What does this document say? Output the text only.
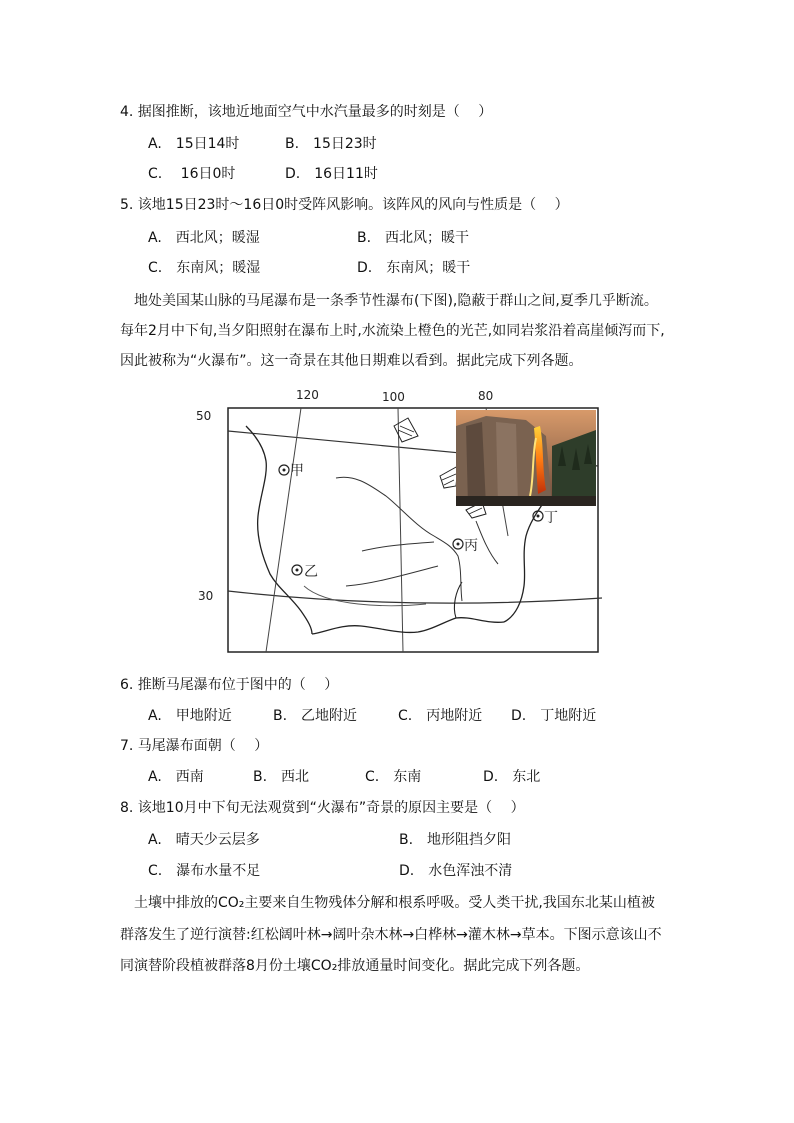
4. 据图推断，该地近地面空气中水汽量最多的时刻是（　 ）
A.　15日14时	B.　15日23时
C.　 16日0时	D.　16日11时
5. 该地15日23时～16日0时受阵风影响。该阵风的风向与性质是（　 ）
A.　西北风；暖湿	B.　西北风；暖干
C.　东南风；暖湿	D.　东南风；暖干
　地处美国某山脉的马尾瀑布是一条季节性瀑布(下图),隐蔽于群山之间,夏季几乎断流。
每年2月中下旬,当夕阳照射在瀑布上时,水流染上橙色的光芒,如同岩浆沿着高崖倾泻而下,
因此被称为“火瀑布”。这一奇景在其他日期难以看到。据此完成下列各题。
120	100	80
50
30
甲
乙
丙
丁
6. 推断马尾瀑布位于图中的（　 ）
A.　甲地附近	B.　乙地附近	C.　丙地附近 D.　丁地附近
7. 马尾瀑布面朝（　 ）
A.　西南	B.　西北	C.　东南	D.　东北
8. 该地10月中下旬无法观赏到“火瀑布”奇景的原因主要是（　 ）
A.　晴天少云层多	B.　地形阻挡夕阳
C.　瀑布水量不足	D.　水色浑浊不清
　土壤中排放的CO₂主要来自生物残体分解和根系呼吸。受人类干扰,我国东北某山植被
群落发生了逆行演替:红松阔叶林→阔叶杂木林→白桦林→灌木林→草本。下图示意该山不
同演替阶段植被群落8月份土壤CO₂排放通量时间变化。据此完成下列各题。
